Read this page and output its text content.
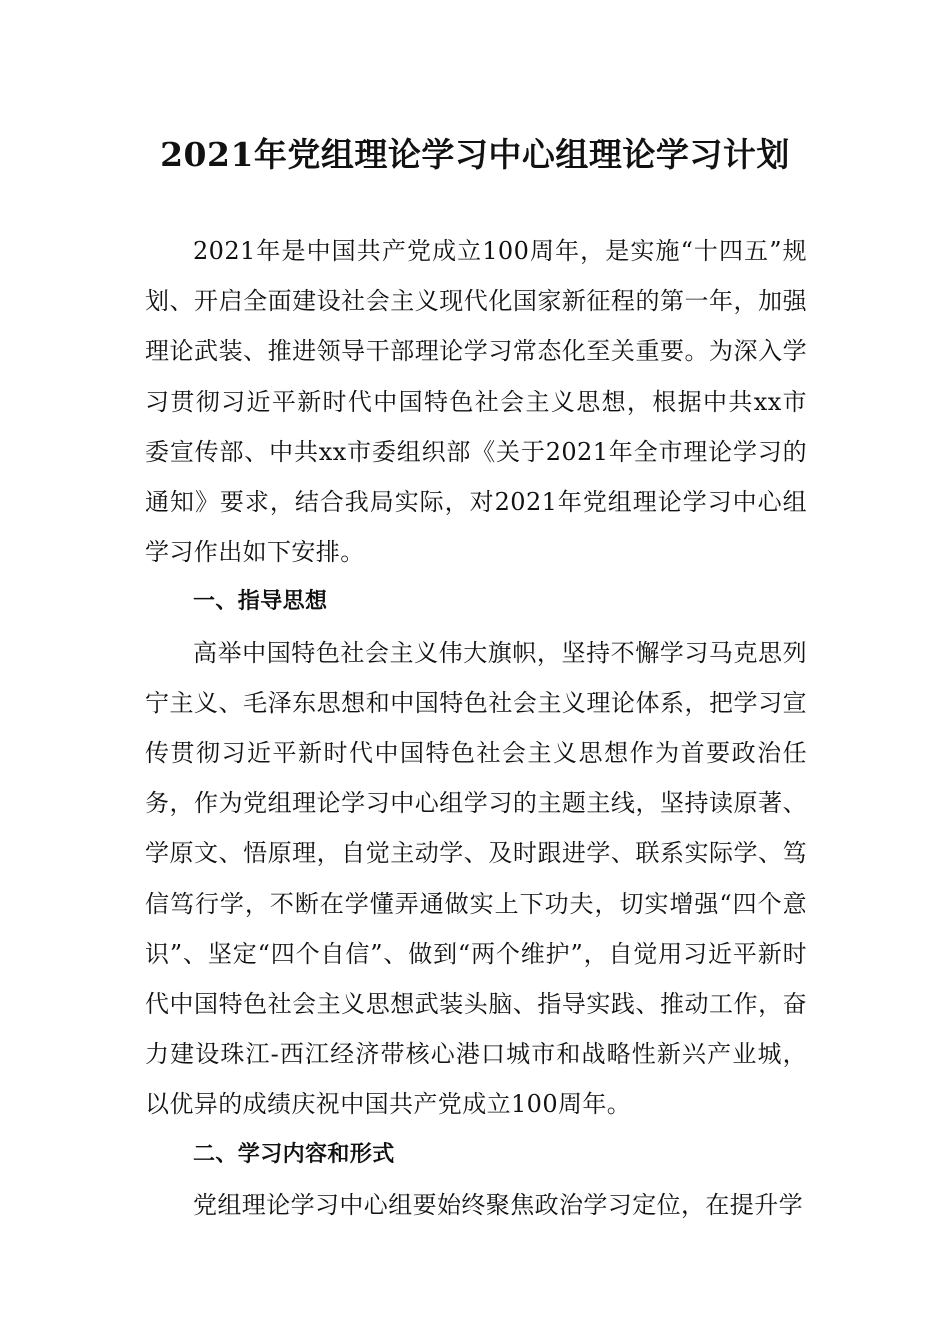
2021年党组理论学习中心组理论学习计划

2021年是中国共产党成立100周年，是实施“十四五”规划、开启全面建设社会主义现代化国家新征程的第一年，加强理论武装、推进领导干部理论学习常态化至关重要。为深入学习贯彻习近平新时代中国特色社会主义思想，根据中共xx市委宣传部、中共xx市委组织部《关于2021年全市理论学习的通知》要求，结合我局实际，对2021年党组理论学习中心组学习作出如下安排。

一、指导思想

高举中国特色社会主义伟大旗帜，坚持不懈学习马克思列宁主义、毛泽东思想和中国特色社会主义理论体系，把学习宣传贯彻习近平新时代中国特色社会主义思想作为首要政治任务，作为党组理论学习中心组学习的主题主线，坚持读原著、学原文、悟原理，自觉主动学、及时跟进学、联系实际学、笃信笃行学，不断在学懂弄通做实上下功夫，切实增强“四个意识”、坚定“四个自信”、做到“两个维护”，自觉用习近平新时代中国特色社会主义思想武装头脑、指导实践、推动工作，奋力建设珠江-西江经济带核心港口城市和战略性新兴产业城，以优异的成绩庆祝中国共产党成立100周年。

二、学习内容和形式

党组理论学习中心组要始终聚焦政治学习定位，在提升学
